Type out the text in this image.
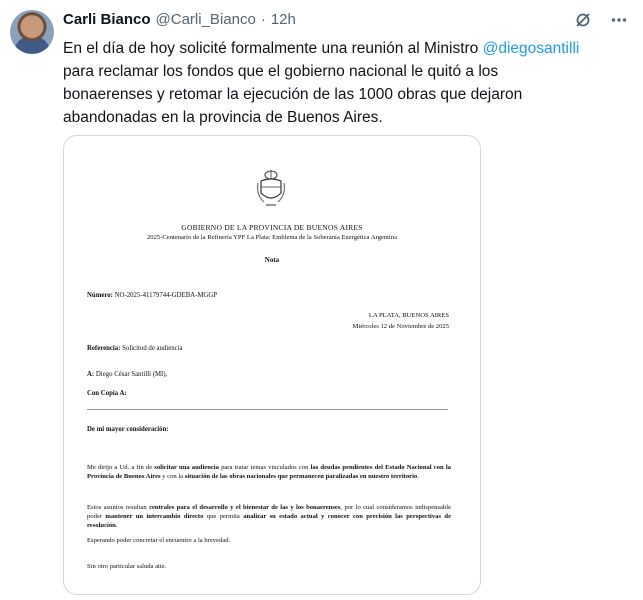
Carli Bianco @Carli_Bianco · 12h
En el día de hoy solicité formalmente una reunión al Ministro @diegosantilli
para reclamar los fondos que el gobierno nacional le quitó a los
bonaerenses y retomar la ejecución de las 1000 obras que dejaron
abandonadas en la provincia de Buenos Aires.
GOBIERNO DE LA PROVINCIA DE BUENOS AIRES
2025-Centenario de la Refinería YPF La Plata: Emblema de la Soberanía Energética Argentina
Nota
Número: NO-2025-41179744-GDEBA-MGGP
LA PLATA, BUENOS AIRES
Miércoles 12 de Noviembre de 2025
Referencia: Solicitud de audiencia
A: Diego César Santilli (MI),
Con Copia A:
De mi mayor consideración:
Me dirijo a Ud. a fin de solicitar una audiencia para tratar temas vinculados con las deudas pendientes del Estado Nacional con la Provincia de Buenos Aires y con la situación de las obras nacionales que permanecen paralizadas en nuestro territorio.
Estos asuntos resultan centrales para el desarrollo y el bienestar de las y los bonaerenses, por lo cual consideramos indispensable poder mantener un intercambio directo que permita analizar su estado actual y conocer con precisión las perspectivas de resolución.
Esperando poder concretar el encuentro a la brevedad.
Sin otro particular saluda atte.
